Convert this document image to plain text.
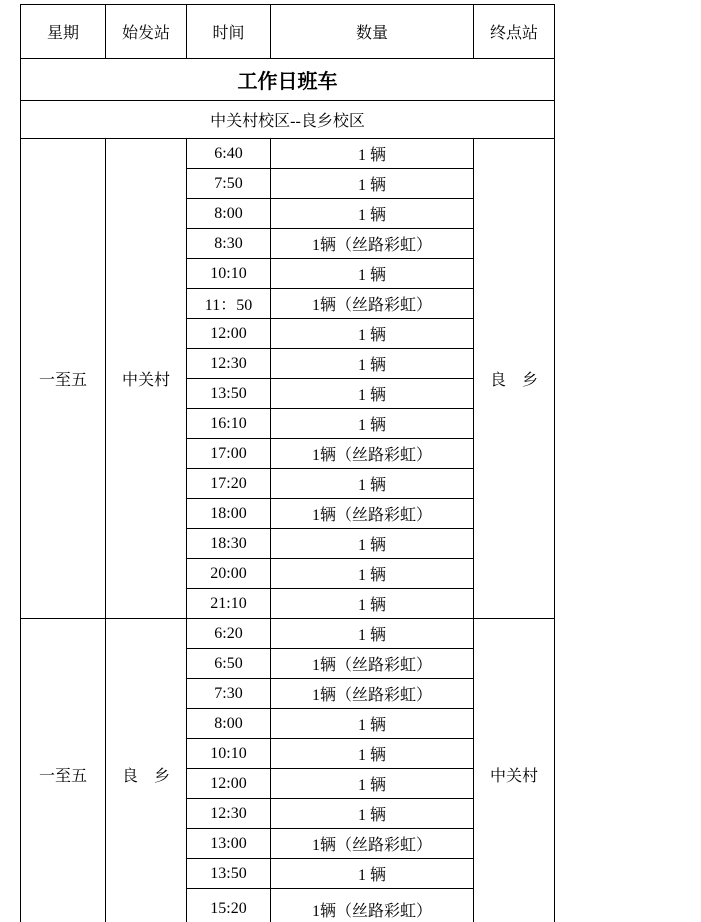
星期	始发站	时间	数量	终点站
工作日班车				
中关村校区--良乡校区				
一至五	中关村	6:40	1 辆	良　乡
		7:50	1 辆	
		8:00	1 辆	
		8:30	1辆（丝路彩虹）	
		10:10	1 辆	
		11：50	1辆（丝路彩虹）	
		12:00	1 辆	
		12:30	1 辆	
		13:50	1 辆	
		16:10	1 辆	
		17:00	1辆（丝路彩虹）	
		17:20	1 辆	
		18:00	1辆（丝路彩虹）	
		18:30	1 辆	
		20:00	1 辆	
		21:10	1 辆	
一至五	良　乡	6:20	1 辆	中关村
		6:50	1辆（丝路彩虹）	
		7:30	1辆（丝路彩虹）	
		8:00	1 辆	
		10:10	1 辆	
		12:00	1 辆	
		12:30	1 辆	
		13:00	1辆（丝路彩虹）	
		13:50	1 辆	
		15:20	1辆（丝路彩虹）	
